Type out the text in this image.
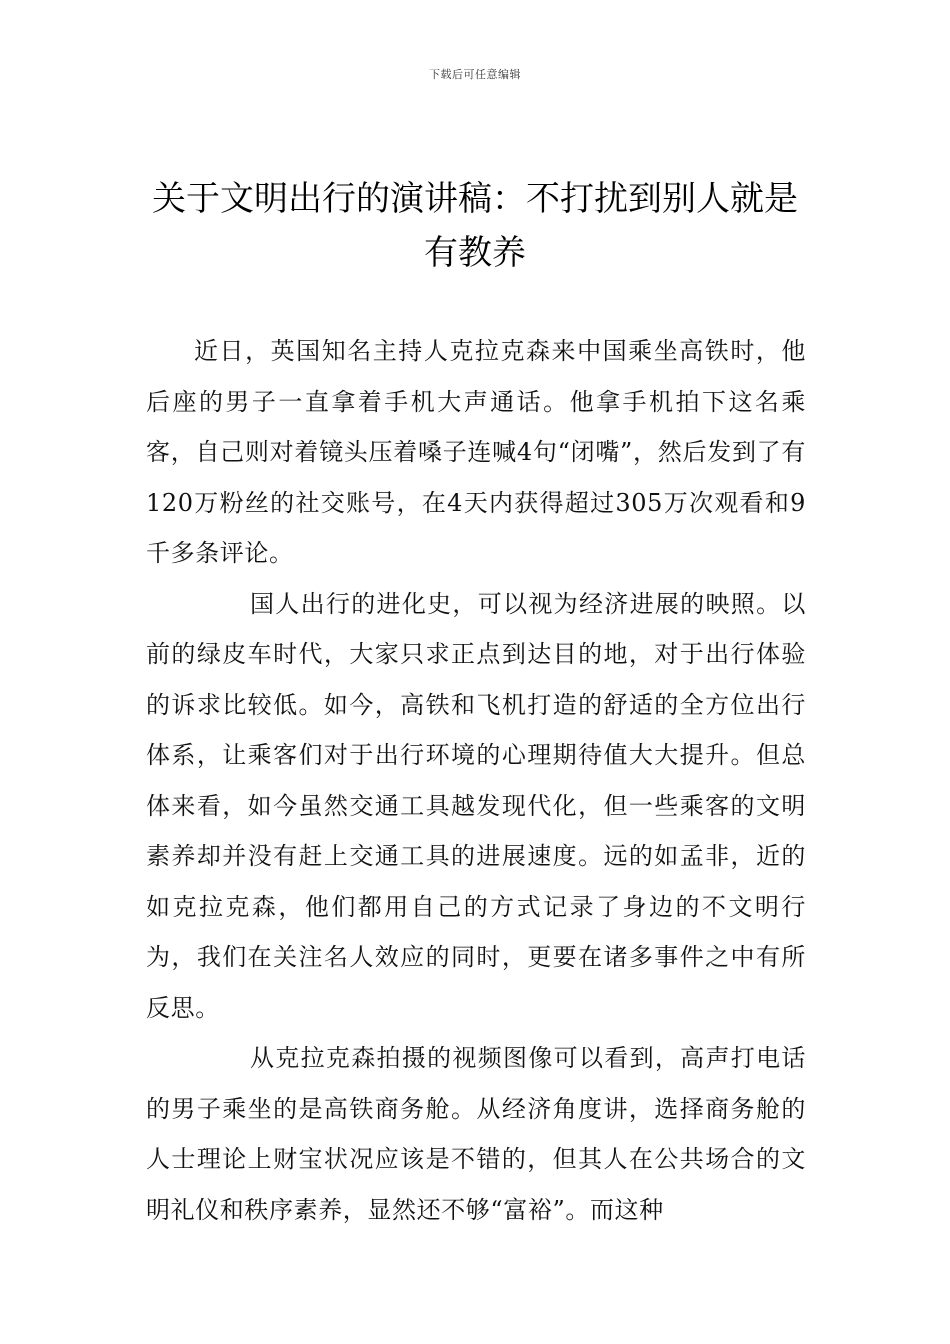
下载后可任意编辑
关于文明出行的演讲稿：不打扰到别人就是有教养

近日，英国知名主持人克拉克森来中国乘坐高铁时，他后座的男子一直拿着手机大声通话。他拿手机拍下这名乘客，自己则对着镜头压着嗓子连喊4句“闭嘴”，然后发到了有120万粉丝的社交账号，在4天内获得超过305万次观看和9千多条评论。

国人出行的进化史，可以视为经济进展的映照。以前的绿皮车时代，大家只求正点到达目的地，对于出行体验的诉求比较低。如今，高铁和飞机打造的舒适的全方位出行体系，让乘客们对于出行环境的心理期待值大大提升。但总体来看，如今虽然交通工具越发现代化，但一些乘客的文明素养却并没有赶上交通工具的进展速度。远的如孟非，近的如克拉克森，他们都用自己的方式记录了身边的不文明行为，我们在关注名人效应的同时，更要在诸多事件之中有所反思。

从克拉克森拍摄的视频图像可以看到，高声打电话的男子乘坐的是高铁商务舱。从经济角度讲，选择商务舱的人士理论上财宝状况应该是不错的，但其人在公共场合的文明礼仪和秩序素养，显然还不够“富裕”。而这种
